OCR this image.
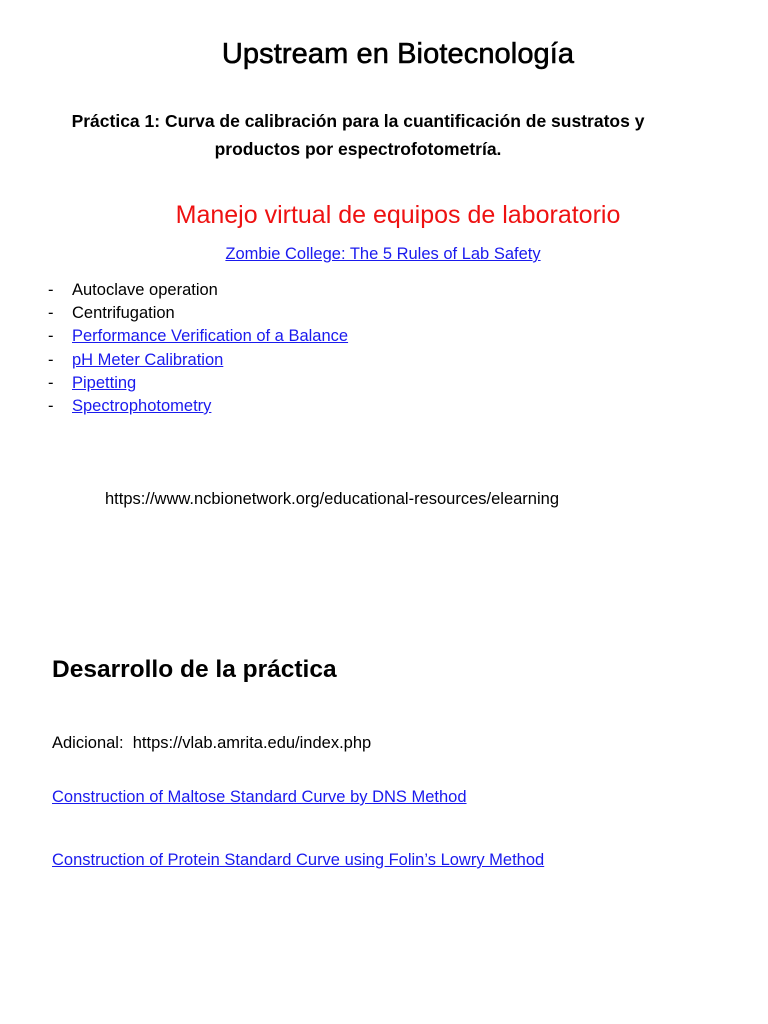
Upstream en Biotecnología
Práctica 1: Curva de calibración para la cuantificación de sustratos y productos por espectrofotometría.
Manejo virtual de equipos de laboratorio
Zombie College: The 5 Rules of Lab Safety
-	Autoclave operation
-	Centrifugation
-	Performance Verification of a Balance
-	pH Meter Calibration
-	Pipetting
-	Spectrophotometry
https://www.ncbionetwork.org/educational-resources/elearning
Desarrollo de la práctica
Adicional: https://vlab.amrita.edu/index.php
Construction of Maltose Standard Curve by DNS Method
Construction of Protein Standard Curve using Folin’s Lowry Method
